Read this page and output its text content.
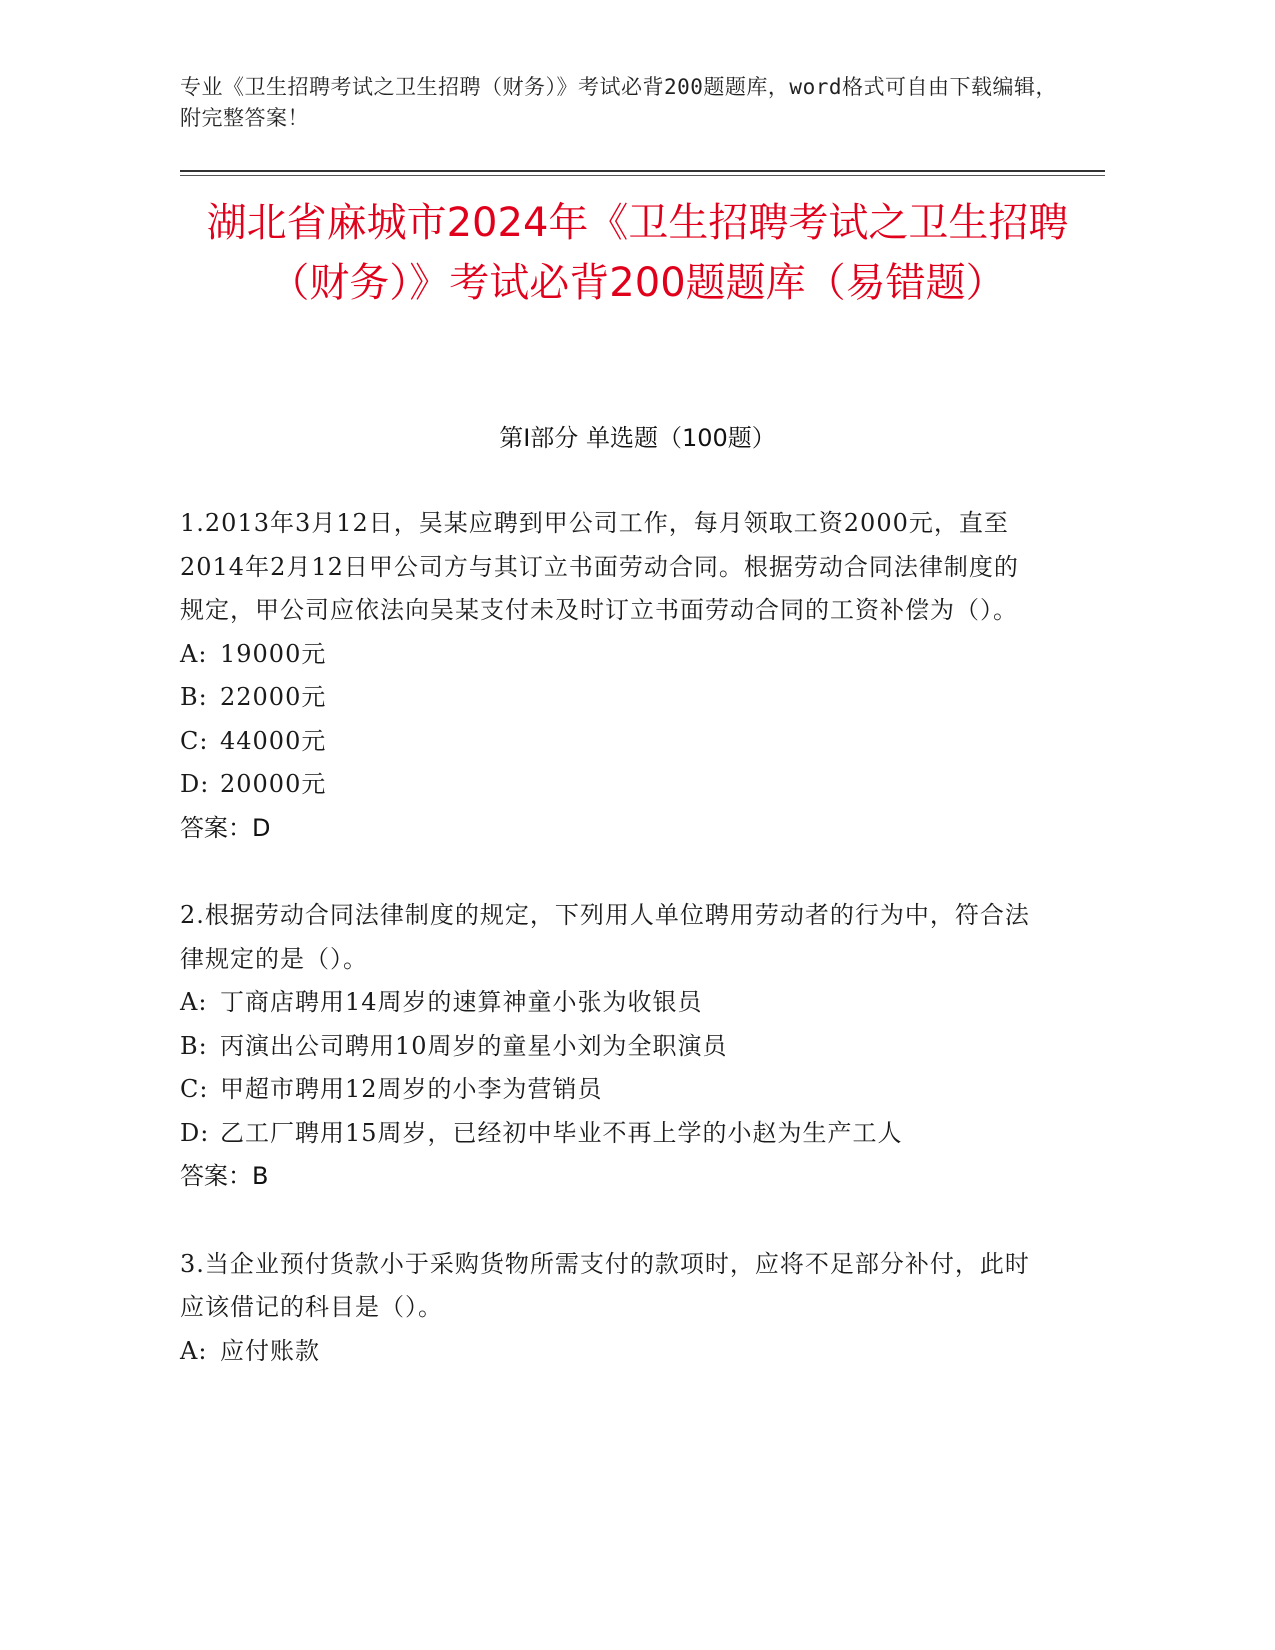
专业《卫生招聘考试之卫生招聘（财务）》考试必背200题题库，word格式可自由下载编辑，附完整答案！
湖北省麻城市2024年《卫生招聘考试之卫生招聘（财务）》考试必背200题题库（易错题）
第I部分 单选题（100题）
1.2013年3月12日，吴某应聘到甲公司工作，每月领取工资2000元，直至2014年2月12日甲公司方与其订立书面劳动合同。根据劳动合同法律制度的规定，甲公司应依法向吴某支付未及时订立书面劳动合同的工资补偿为（）。
A: 19000元
B: 22000元
C: 44000元
D: 20000元
答案：D
2.根据劳动合同法律制度的规定，下列用人单位聘用劳动者的行为中，符合法律规定的是（）。
A: 丁商店聘用14周岁的速算神童小张为收银员
B: 丙演出公司聘用10周岁的童星小刘为全职演员
C: 甲超市聘用12周岁的小李为营销员
D: 乙工厂聘用15周岁，已经初中毕业不再上学的小赵为生产工人
答案：B
3.当企业预付货款小于采购货物所需支付的款项时，应将不足部分补付，此时应该借记的科目是（）。
A: 应付账款
